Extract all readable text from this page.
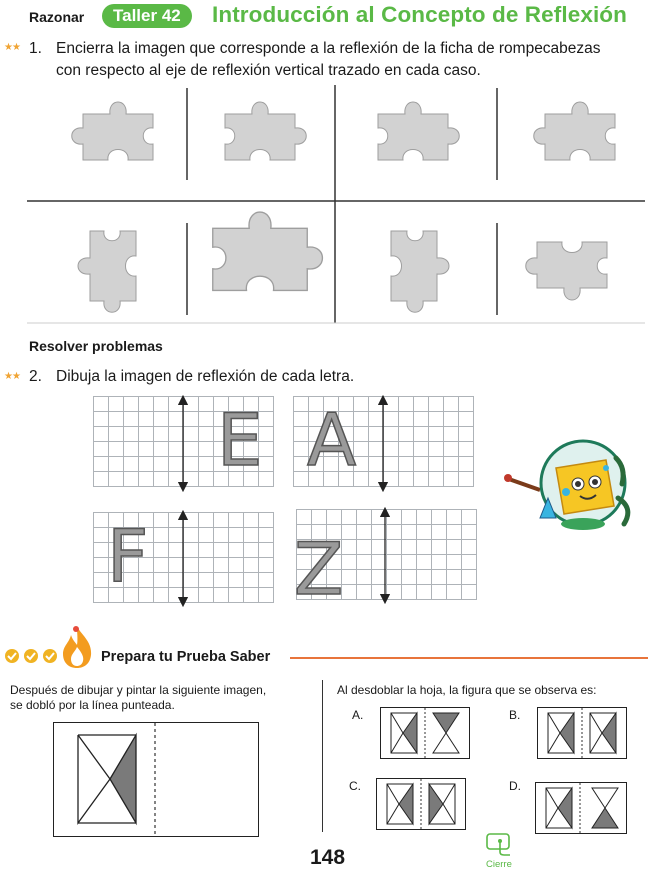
Razonar	Taller 42	Introducción al Concepto de Reflexión
★★ 1. Encierra la imagen que corresponde a la reflexión de la ficha de rompecabezas
con respecto al eje de reflexión vertical trazado en cada caso.
Resolver problemas
★★ 2. Dibuja la imagen de reflexión de cada letra.
E A
F Z
Prepara tu Prueba Saber
Después de dibujar y pintar la siguiente imagen,
se dobló por la línea punteada.
Al desdoblar la hoja, la figura que se observa es:
A.	B.
C.	D.
148	Cierre
